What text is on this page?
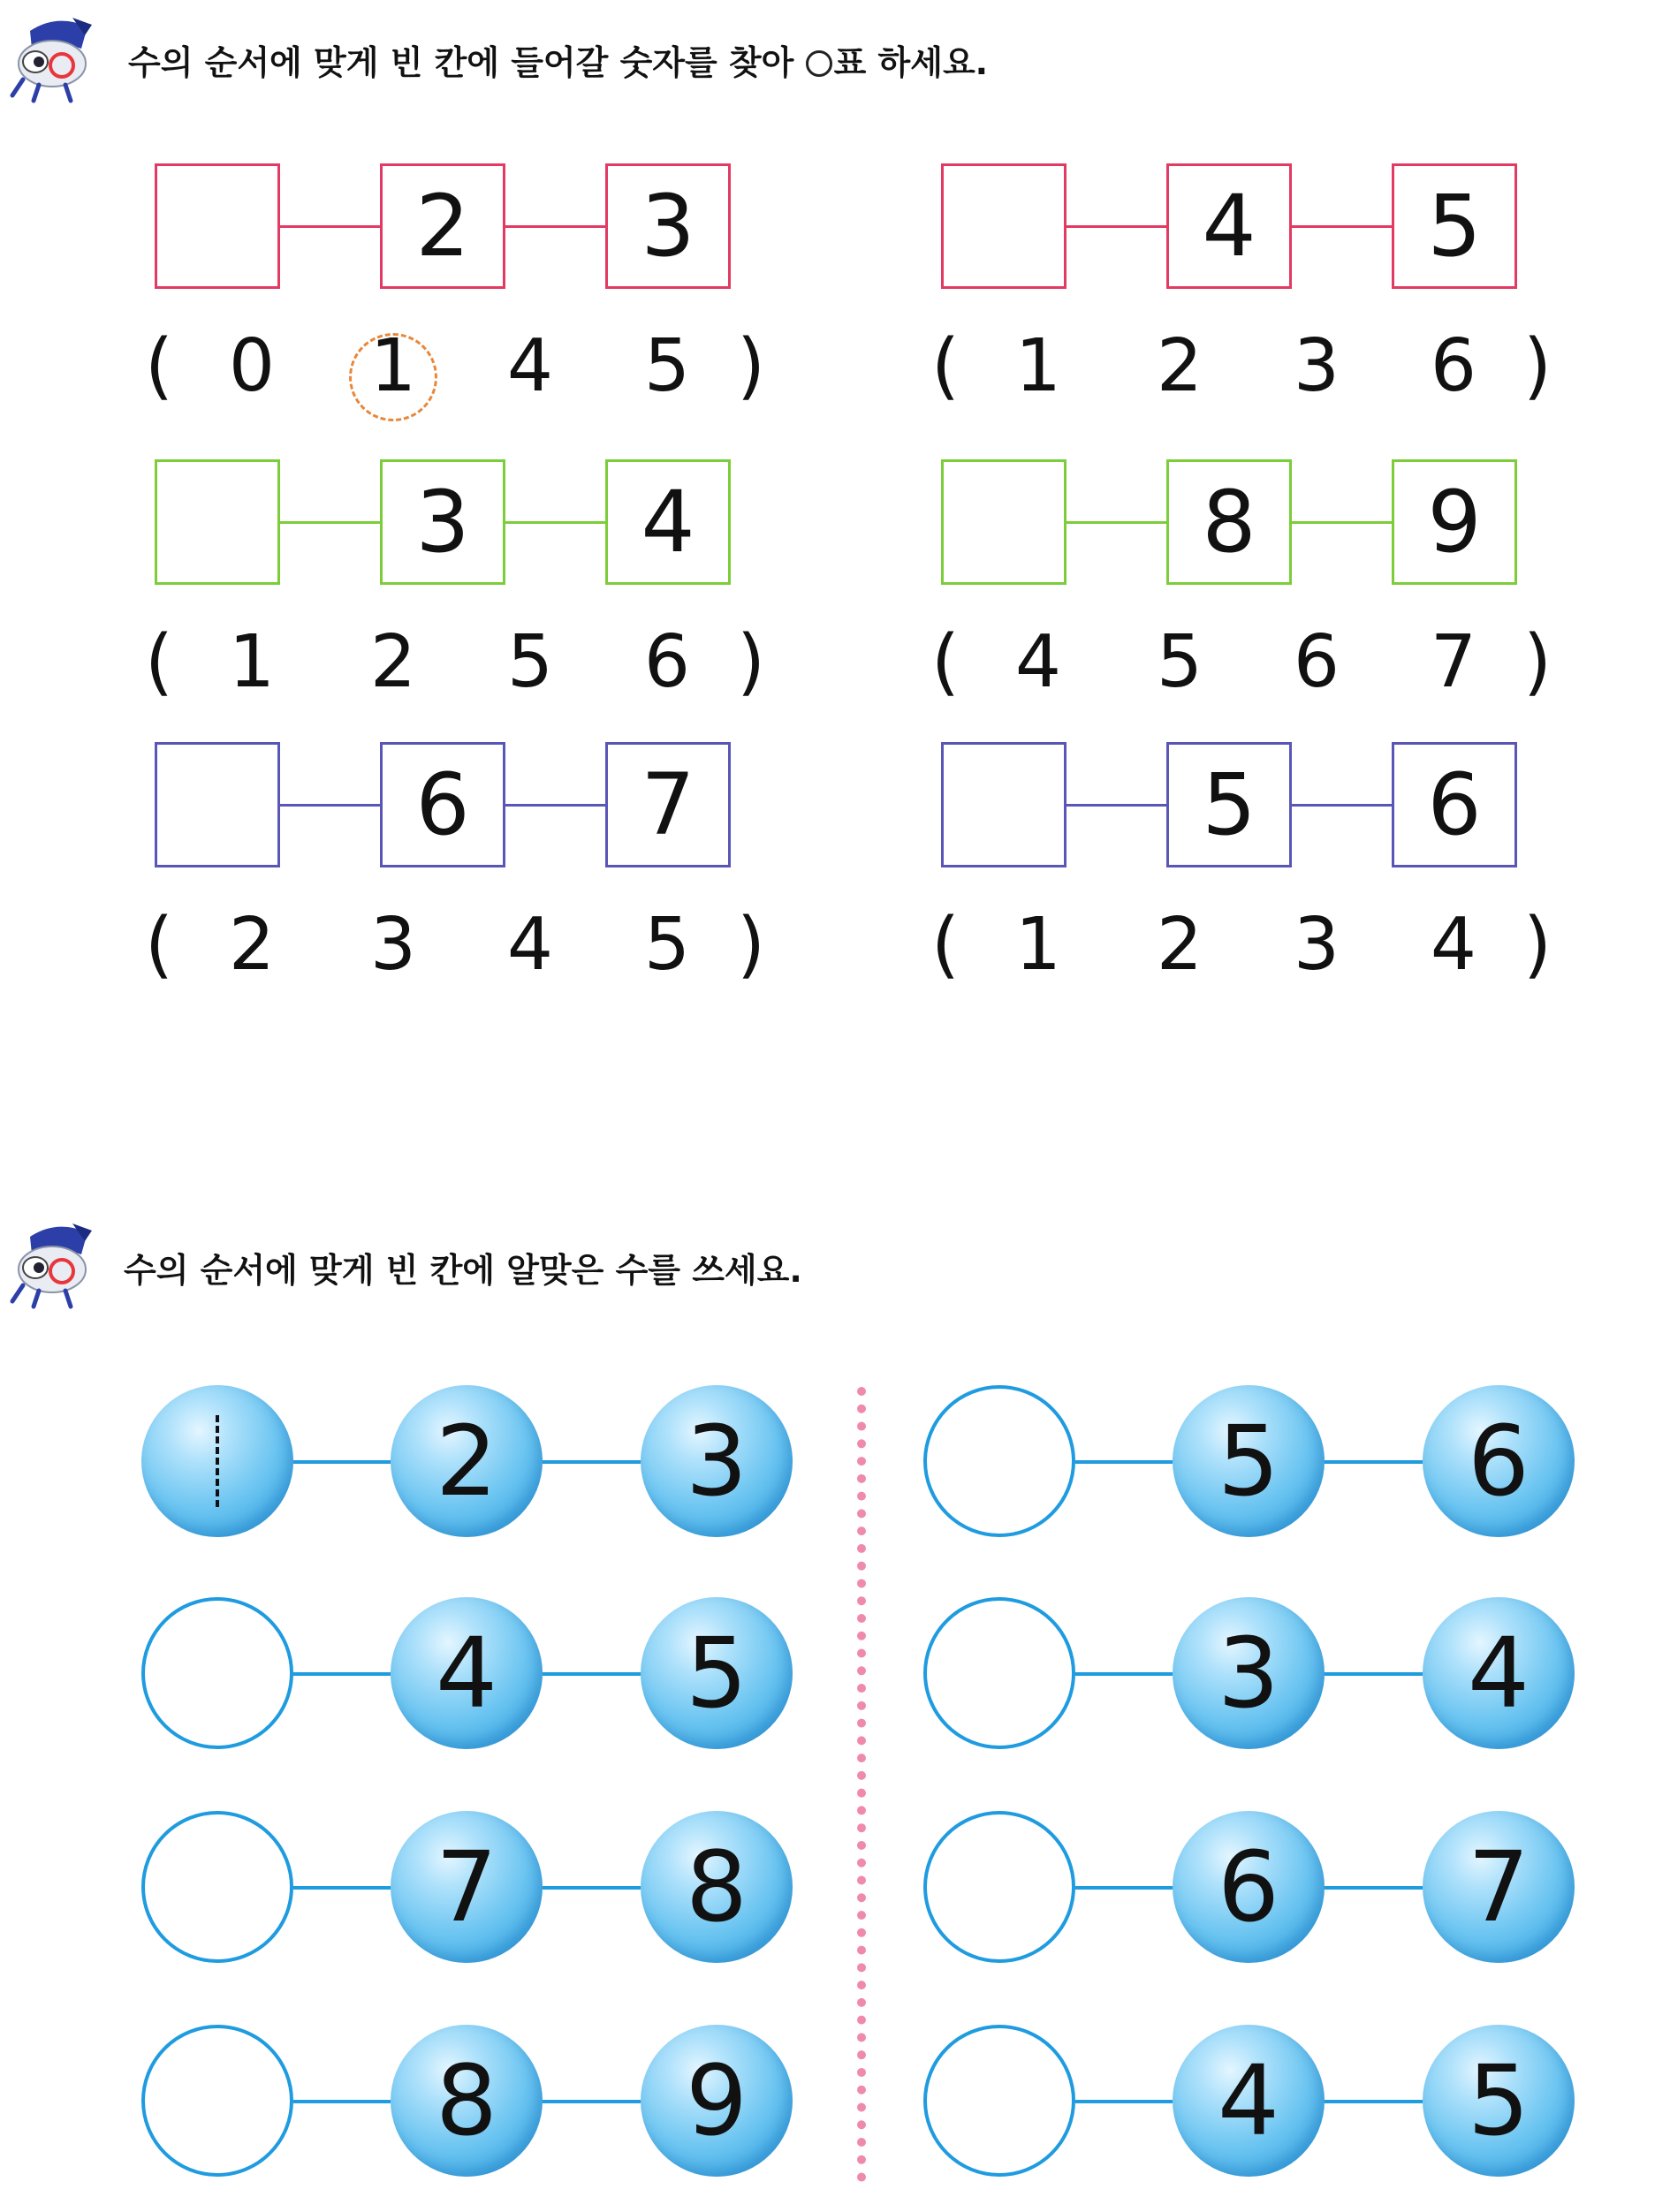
수의 순서에 맞게 빈 칸에 들어갈 숫자를 찾아 표 하세요.
수의 순서에 맞게 빈 칸에 알맞은 수를 쓰세요.
2	3
( 0	1	4	5 )
4	5
( 1	2	3	6 )
3	4
( 1	2	5	6 )
8	9
( 4	5	6	7 )
6	7
( 2	3	4	5 )
5	6
( 1	2	3	4 )
2	3
4	5
7	8
8	9
5	6
3	4
6	7
4	5
